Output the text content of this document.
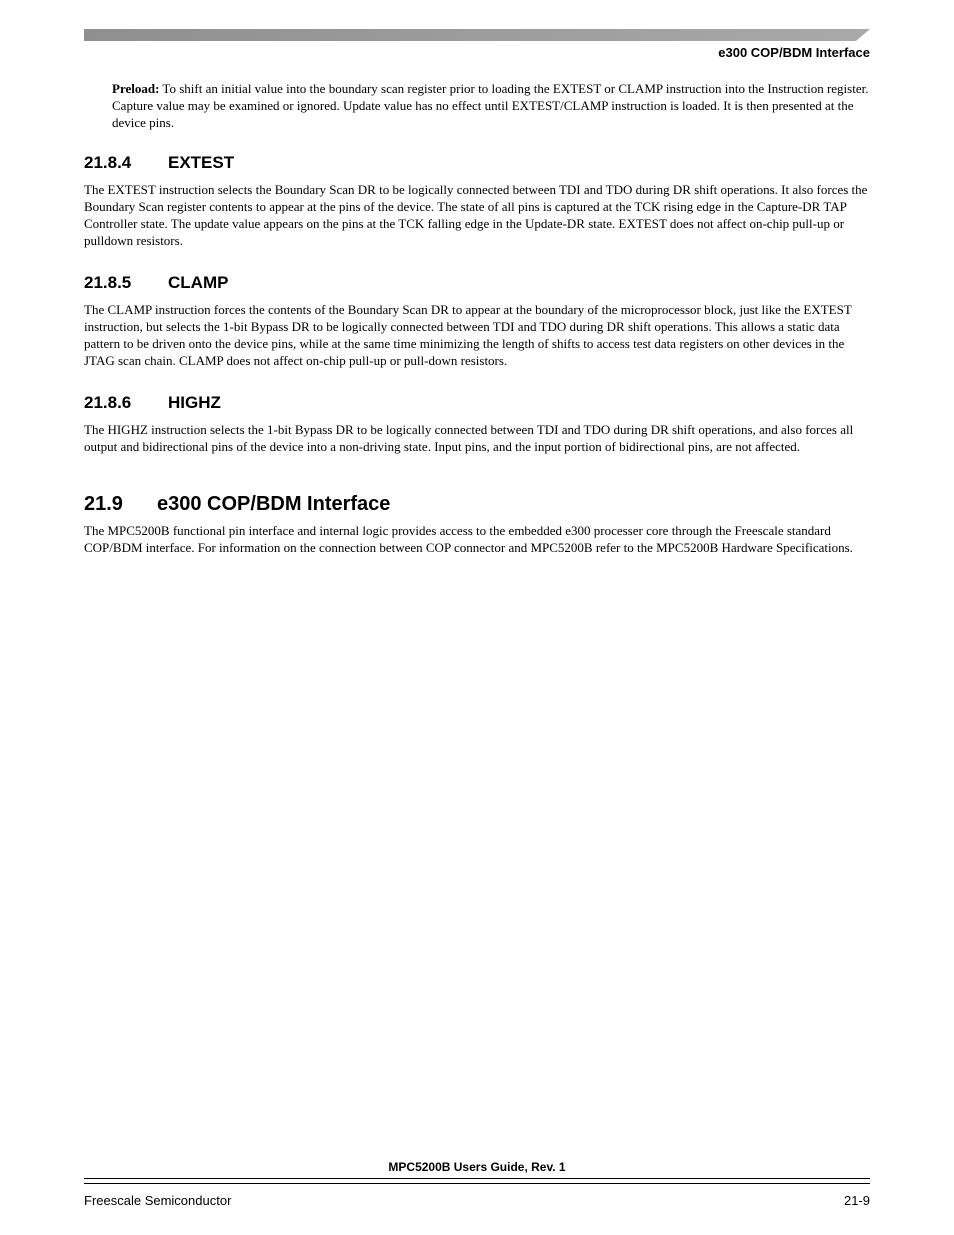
e300 COP/BDM Interface

Preload: To shift an initial value into the boundary scan register prior to loading the EXTEST or CLAMP instruction into the Instruction register. Capture value may be examined or ignored. Update value has no effect until EXTEST/CLAMP instruction is loaded. It is then presented at the device pins.

21.8.4 EXTEST

The EXTEST instruction selects the Boundary Scan DR to be logically connected between TDI and TDO during DR shift operations. It also forces the Boundary Scan register contents to appear at the pins of the device. The state of all pins is captured at the TCK rising edge in the Capture-DR TAP Controller state. The update value appears on the pins at the TCK falling edge in the Update-DR state. EXTEST does not affect on-chip pull-up or pulldown resistors.

21.8.5 CLAMP

The CLAMP instruction forces the contents of the Boundary Scan DR to appear at the boundary of the microprocessor block, just like the EXTEST instruction, but selects the 1-bit Bypass DR to be logically connected between TDI and TDO during DR shift operations. This allows a static data pattern to be driven onto the device pins, while at the same time minimizing the length of shifts to access test data registers on other devices in the JTAG scan chain. CLAMP does not affect on-chip pull-up or pull-down resistors.

21.8.6 HIGHZ

The HIGHZ instruction selects the 1-bit Bypass DR to be logically connected between TDI and TDO during DR shift operations, and also forces all output and bidirectional pins of the device into a non-driving state. Input pins, and the input portion of bidirectional pins, are not affected.

21.9 e300 COP/BDM Interface

The MPC5200B functional pin interface and internal logic provides access to the embedded e300 processer core through the Freescale standard COP/BDM interface. For information on the connection between COP connector and MPC5200B refer to the MPC5200B Hardware Specifications.

MPC5200B Users Guide, Rev. 1
Freescale Semiconductor	21-9
